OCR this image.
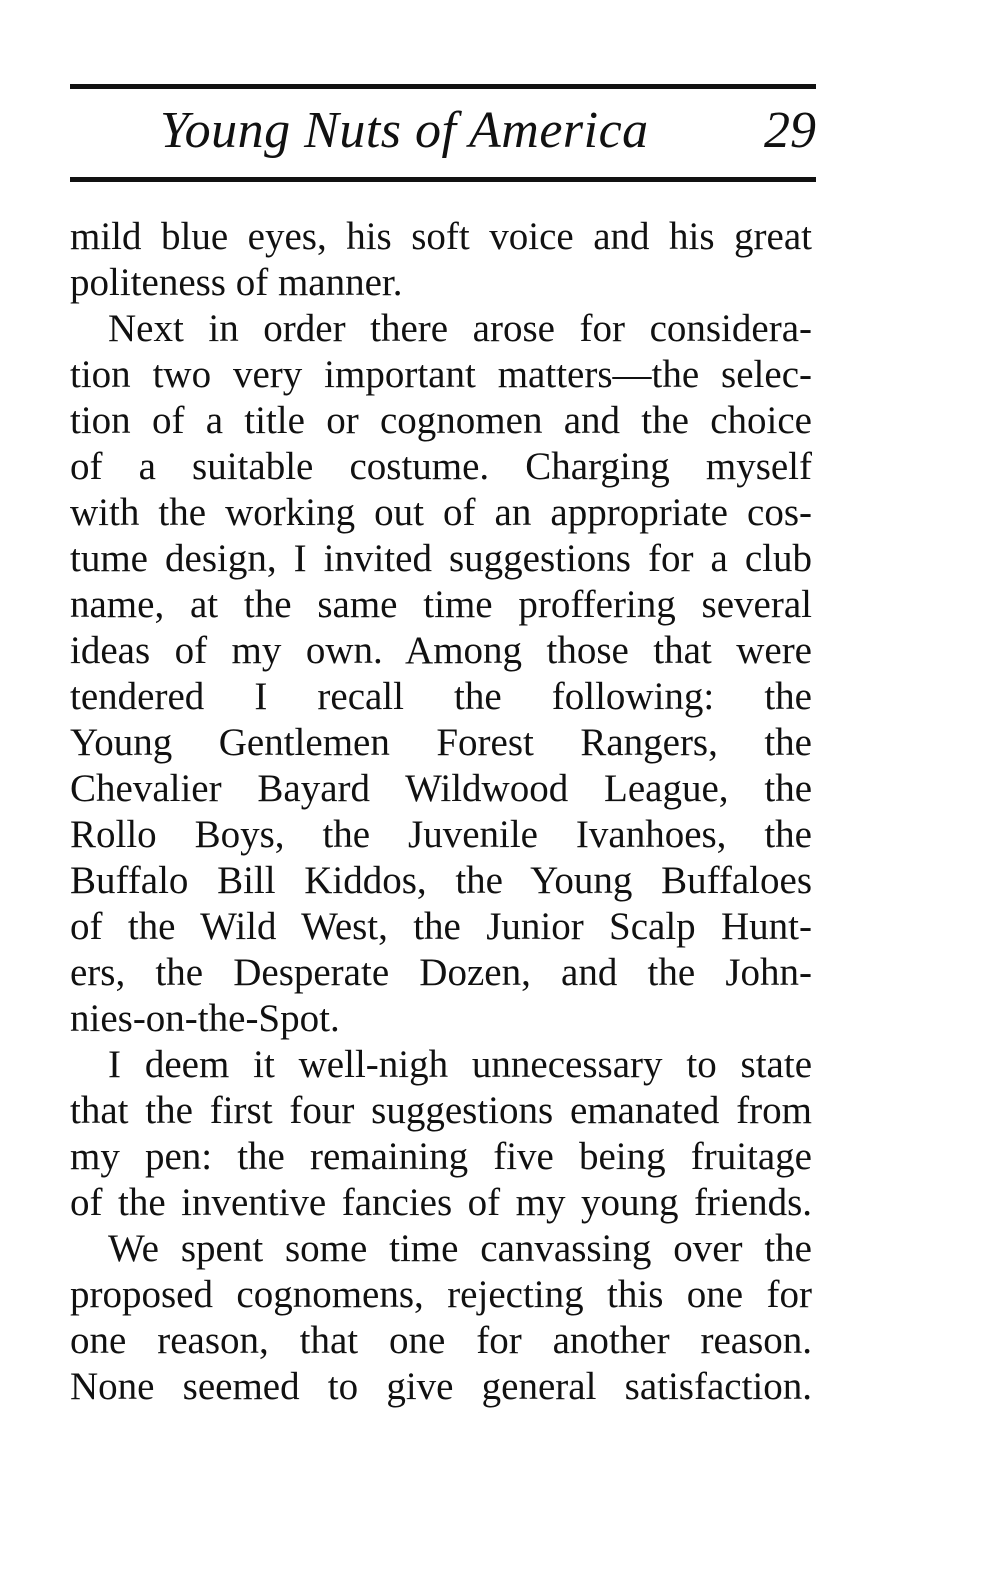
Young Nuts of America 29
mild blue eyes, his soft voice and his great
politeness of manner.
Next in order there arose for considera-
tion two very important matters—the selec-
tion of a title or cognomen and the choice
of a suitable costume. Charging myself
with the working out of an appropriate cos-
tume design, I invited suggestions for a club
name, at the same time proffering several
ideas of my own. Among those that were
tendered I recall the following: the
Young Gentlemen Forest Rangers, the
Chevalier Bayard Wildwood League, the
Rollo Boys, the Juvenile Ivanhoes, the
Buffalo Bill Kiddos, the Young Buffaloes
of the Wild West, the Junior Scalp Hunt-
ers, the Desperate Dozen, and the John-
nies-on-the-Spot.
I deem it well-nigh unnecessary to state
that the first four suggestions emanated from
my pen: the remaining five being fruitage
of the inventive fancies of my young friends.
We spent some time canvassing over the
proposed cognomens, rejecting this one for
one reason, that one for another reason.
None seemed to give general satisfaction.
